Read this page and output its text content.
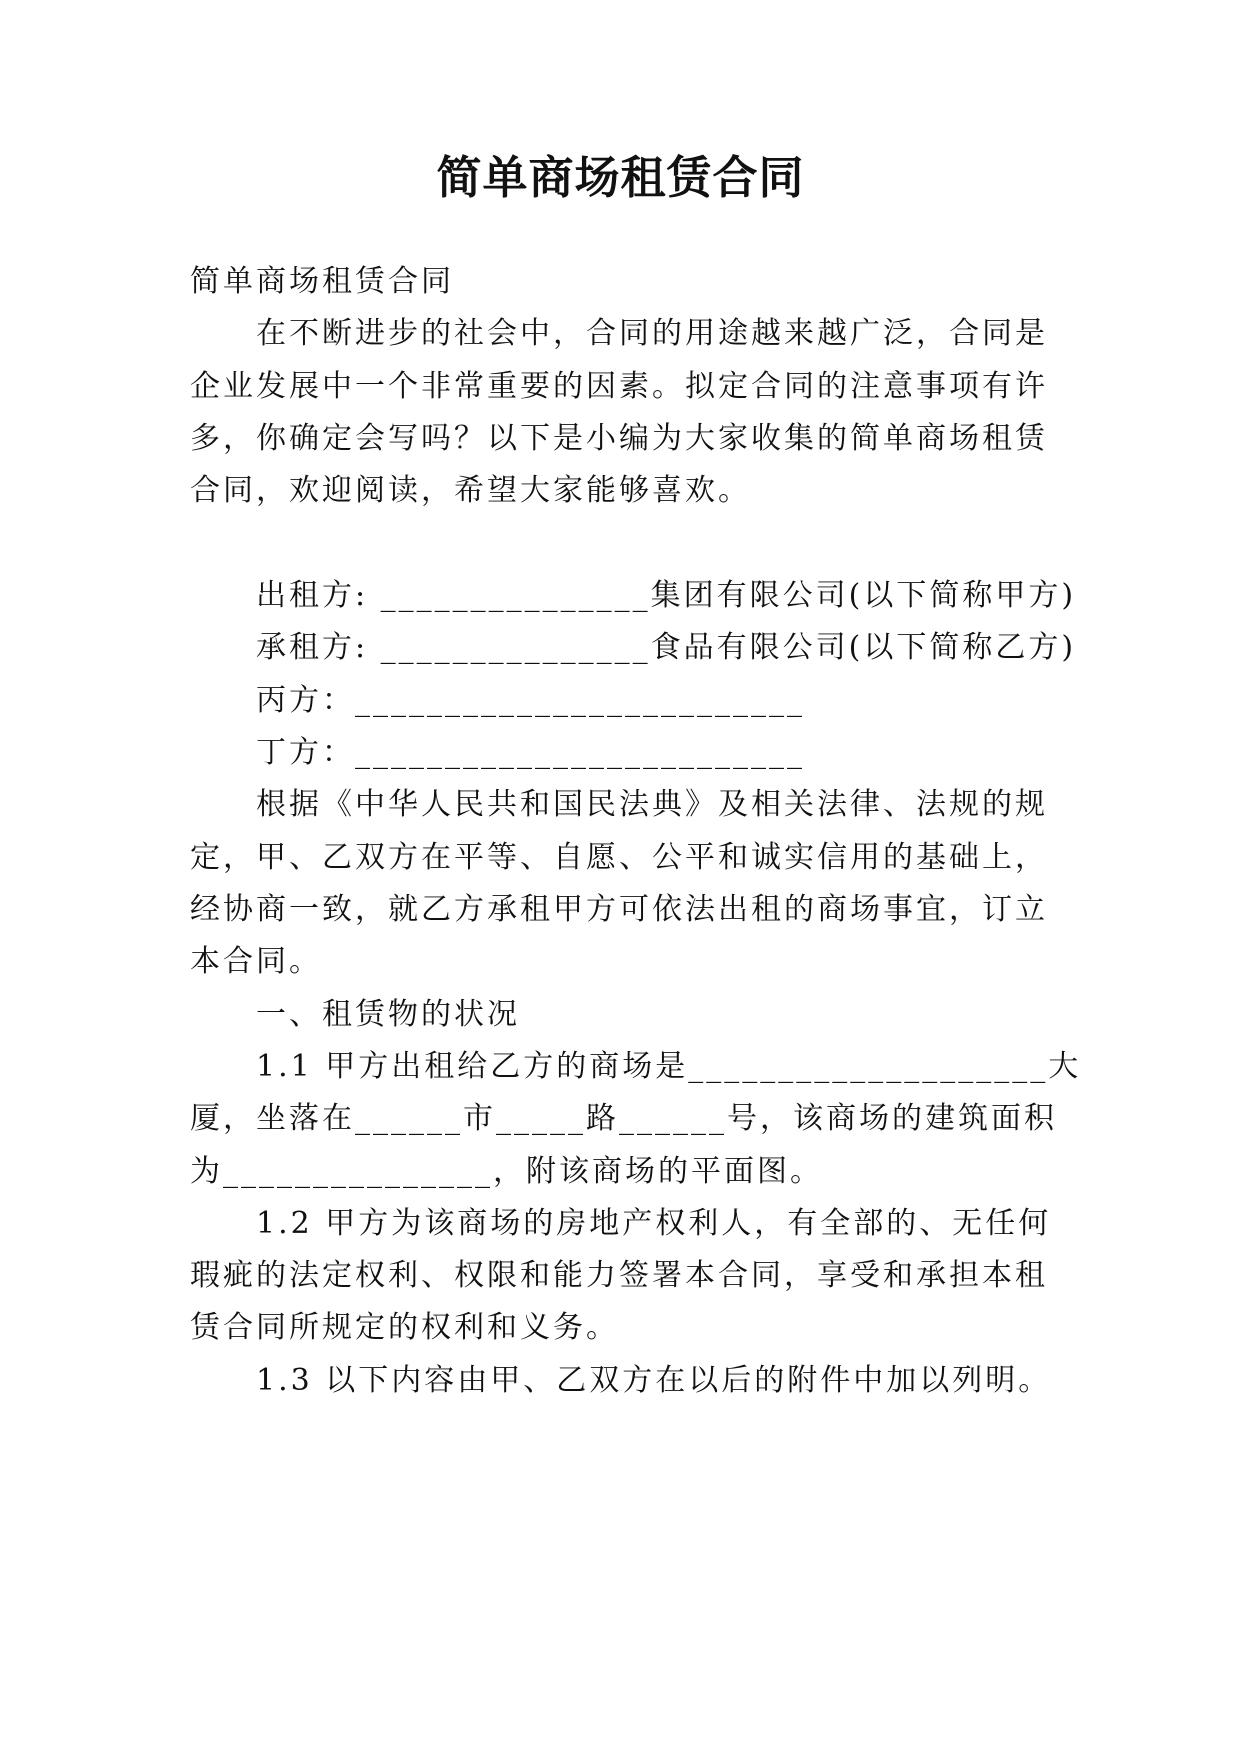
简单商场租赁合同

简单商场租赁合同

在不断进步的社会中，合同的用途越来越广泛，合同是

企业发展中一个非常重要的因素。拟定合同的注意事项有许

多，你确定会写吗？以下是小编为大家收集的简单商场租赁

合同，欢迎阅读，希望大家能够喜欢。

出租方: _______________集团有限公司(以下简称甲方)

承租方: _______________食品有限公司(以下简称乙方)

丙方：_________________________

丁方：_________________________

根据《中华人民共和国民法典》及相关法律、法规的规

定，甲、乙双方在平等、自愿、公平和诚实信用的基础上，

经协商一致，就乙方承租甲方可依法出租的商场事宜，订立

本合同。

一、租赁物的状况

1.1 甲方出租给乙方的商场是____________________大

厦，坐落在______市_____路______号，该商场的建筑面积

为_______________，附该商场的平面图。

1.2 甲方为该商场的房地产权利人，有全部的、无任何

瑕疵的法定权利、权限和能力签署本合同，享受和承担本租

赁合同所规定的权利和义务。

1.3 以下内容由甲、乙双方在以后的附件中加以列明。
